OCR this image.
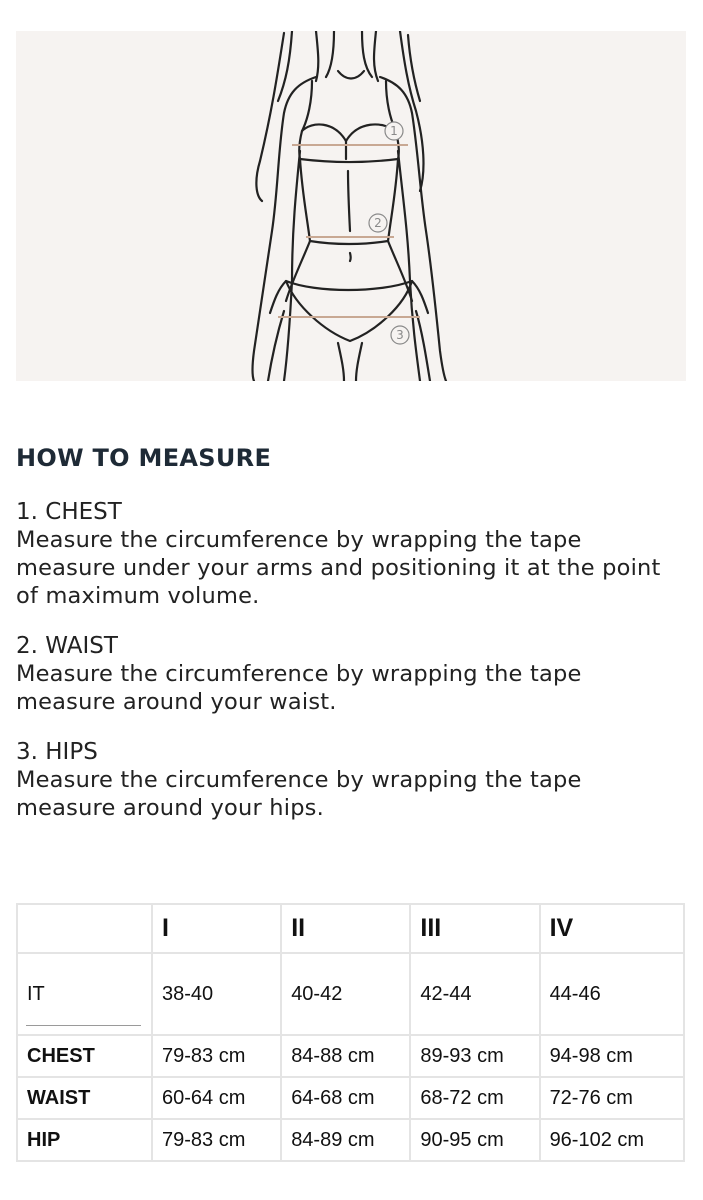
1
2
3
HOW TO MEASURE
1. CHEST
Measure the circumference by wrapping the tape measure under your arms and positioning it at the point of maximum volume.
2. WAIST
Measure the circumference by wrapping the tape measure around your waist.
3. HIPS
Measure the circumference by wrapping the tape measure around your hips.
	I	II	III	IV
IT	38-40	40-42	42-44	44-46
CHEST	79-83 cm	84-88 cm	89-93 cm	94-98 cm
WAIST	60-64 cm	64-68 cm	68-72 cm	72-76 cm
HIP	79-83 cm	84-89 cm	90-95 cm	96-102 cm
